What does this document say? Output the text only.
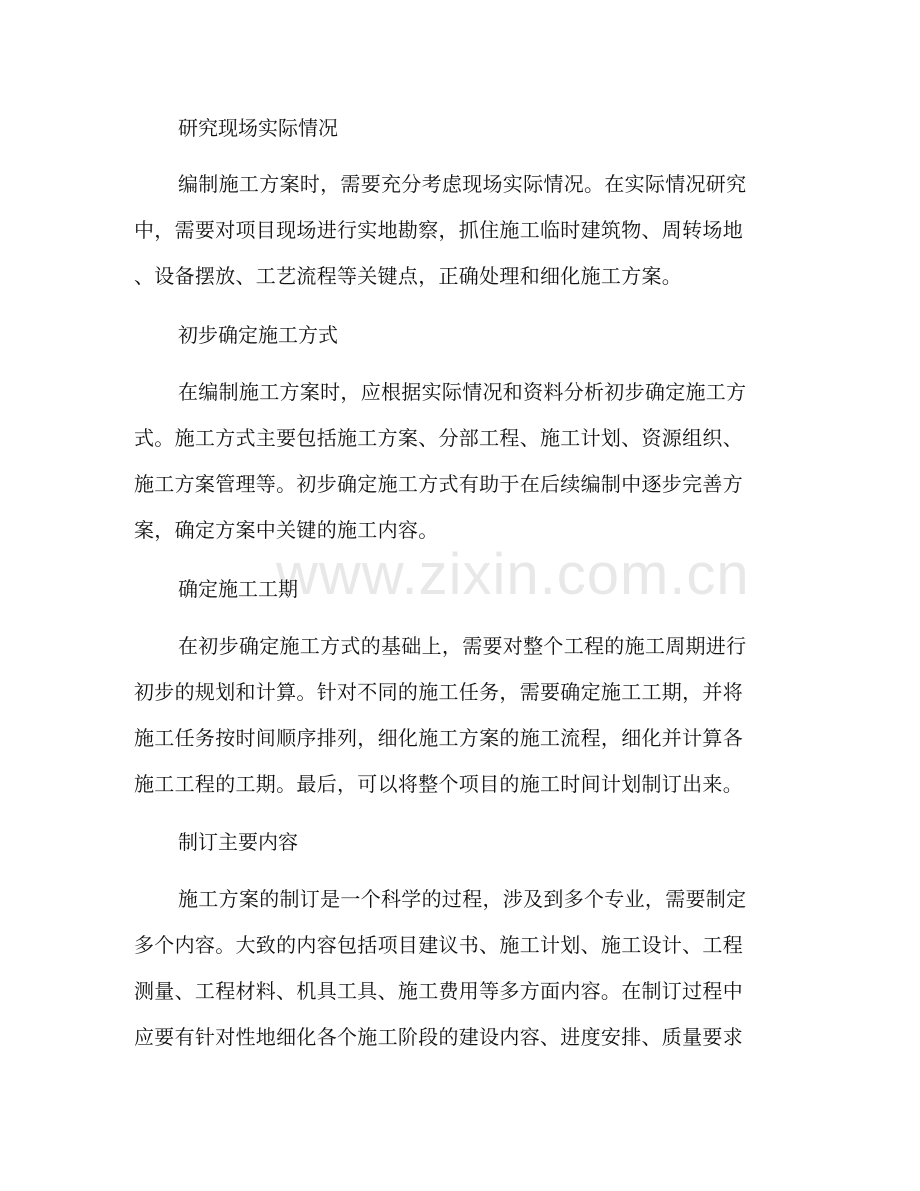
研究现场实际情况

编制施工方案时，需要充分考虑现场实际情况。在实际情况研究
中，需要对项目现场进行实地勘察，抓住施工临时建筑物、周转场地
、设备摆放、工艺流程等关键点，正确处理和细化施工方案。

初步确定施工方式

在编制施工方案时，应根据实际情况和资料分析初步确定施工方
式。施工方式主要包括施工方案、分部工程、施工计划、资源组织、
施工方案管理等。初步确定施工方式有助于在后续编制中逐步完善方
案，确定方案中关键的施工内容。

确定施工工期

在初步确定施工方式的基础上，需要对整个工程的施工周期进行
初步的规划和计算。针对不同的施工任务，需要确定施工工期，并将
施工任务按时间顺序排列，细化施工方案的施工流程，细化并计算各
施工工程的工期。最后，可以将整个项目的施工时间计划制订出来。

制订主要内容

施工方案的制订是一个科学的过程，涉及到多个专业，需要制定
多个内容。大致的内容包括项目建议书、施工计划、施工设计、工程
测量、工程材料、机具工具、施工费用等多方面内容。在制订过程中
应要有针对性地细化各个施工阶段的建设内容、进度安排、质量要求

www.zixin.com.cn
